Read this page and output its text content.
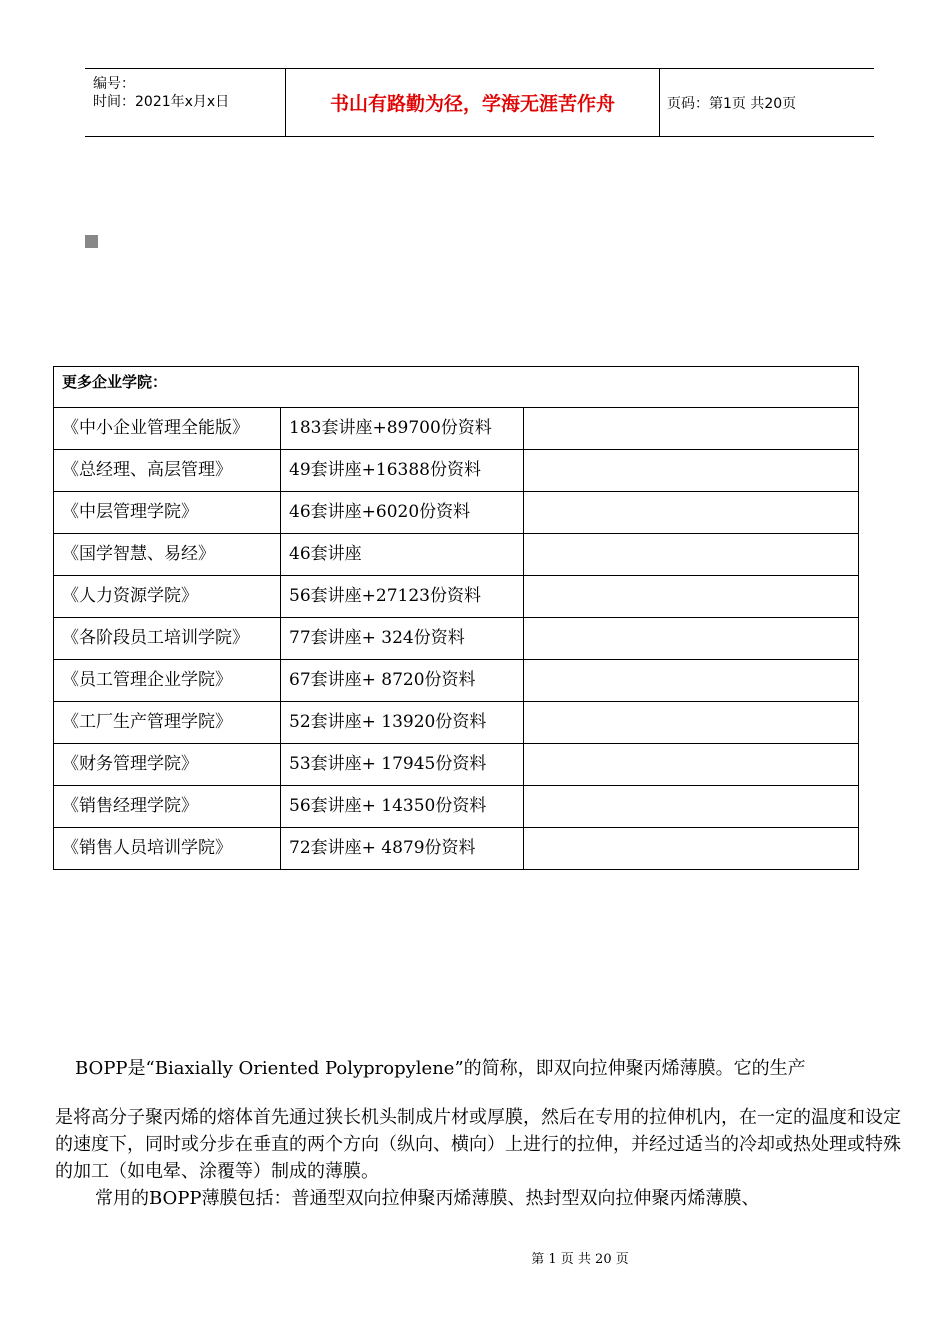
编号：
时间：2021年x月x日	书山有路勤为径，学海无涯苦作舟	页码：第1页 共20页
更多企业学院：		
《中小企业管理全能版》	183套讲座+89700份资料	
《总经理、高层管理》	49套讲座+16388份资料	
《中层管理学院》	46套讲座+6020份资料	
《国学智慧、易经》	46套讲座	
《人力资源学院》	56套讲座+27123份资料	
《各阶段员工培训学院》	77套讲座+ 324份资料	
《员工管理企业学院》	67套讲座+ 8720份资料	
《工厂生产管理学院》	52套讲座+ 13920份资料	
《财务管理学院》	53套讲座+ 17945份资料	
《销售经理学院》	56套讲座+ 14350份资料	
《销售人员培训学院》	72套讲座+ 4879份资料	
BOPP是“Biaxially Oriented Polypropylene”的简称，即双向拉伸聚丙烯薄膜。它的生产
是将高分子聚丙烯的熔体首先通过狭长机头制成片材或厚膜，然后在专用的拉伸机内，在一定的温度和设定的速度下，同时或分步在垂直的两个方向（纵向、横向）上进行的拉伸，并经过适当的冷却或热处理或特殊的加工（如电晕、涂覆等）制成的薄膜。
常用的BOPP薄膜包括：普通型双向拉伸聚丙烯薄膜、热封型双向拉伸聚丙烯薄膜、
第 1 页 共 20 页
